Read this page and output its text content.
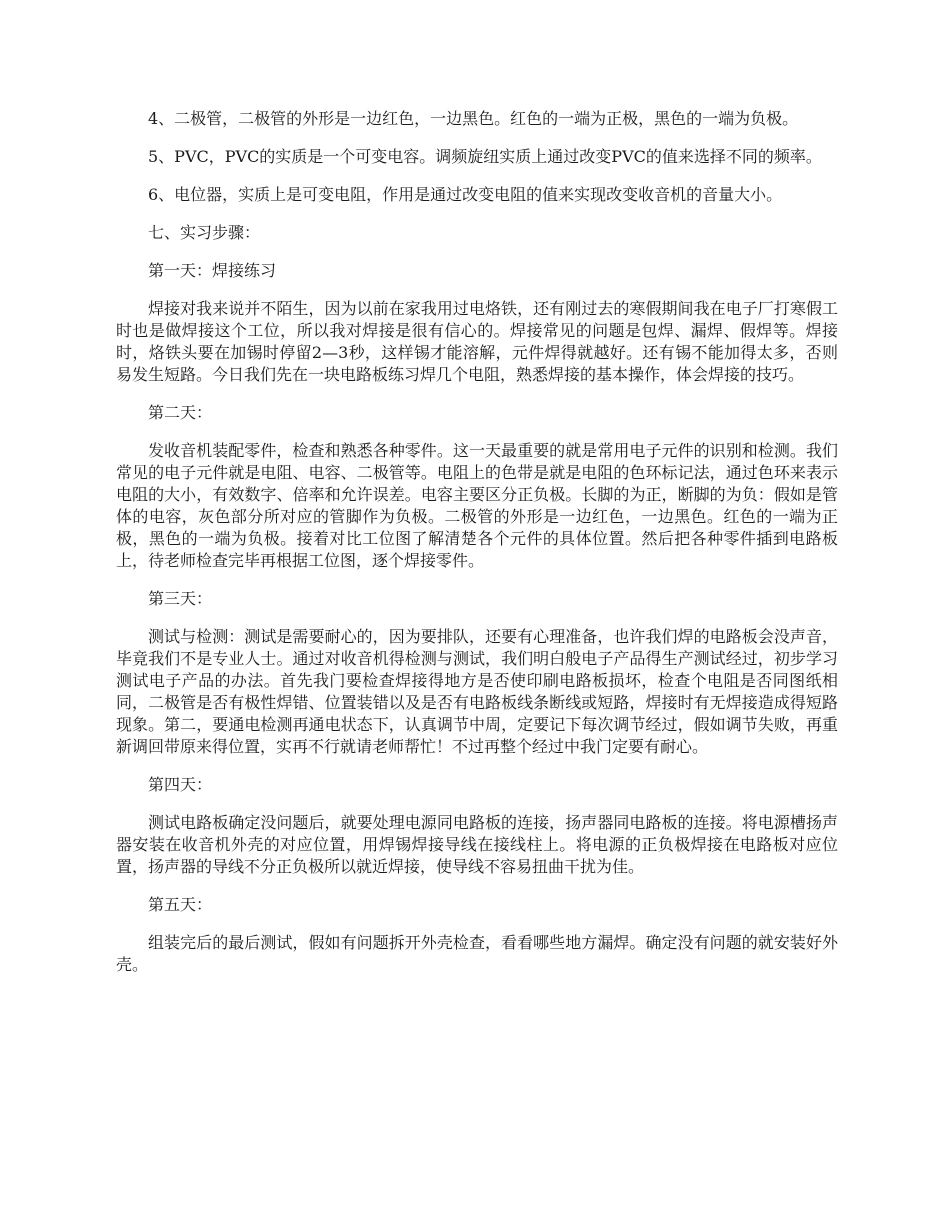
4、二极管，二极管的外形是一边红色，一边黑色。红色的一端为正极，黑色的一端为负极。

5、PVC，PVC的实质是一个可变电容。调频旋纽实质上通过改变PVC的值来选择不同的频率。

6、电位器，实质上是可变电阻，作用是通过改变电阻的值来实现改变收音机的音量大小。

七、实习步骤：

第一天：焊接练习

焊接对我来说并不陌生，因为以前在家我用过电烙铁，还有刚过去的寒假期间我在电子厂打寒假工时也是做焊接这个工位，所以我对焊接是很有信心的。焊接常见的问题是包焊、漏焊、假焊等。焊接时，烙铁头要在加锡时停留2—3秒，这样锡才能溶解，元件焊得就越好。还有锡不能加得太多，否则易发生短路。今日我们先在一块电路板练习焊几个电阻，熟悉焊接的基本操作，体会焊接的技巧。

第二天：

发收音机装配零件，检查和熟悉各种零件。这一天最重要的就是常用电子元件的识别和检测。我们常见的电子元件就是电阻、电容、二极管等。电阻上的色带是就是电阻的色环标记法，通过色环来表示电阻的大小，有效数字、倍率和允许误差。电容主要区分正负极。长脚的为正，断脚的为负：假如是管体的电容，灰色部分所对应的管脚作为负极。二极管的外形是一边红色，一边黑色。红色的一端为正极，黑色的一端为负极。接着对比工位图了解清楚各个元件的具体位置。然后把各种零件插到电路板上，待老师检查完毕再根据工位图，逐个焊接零件。

第三天：

测试与检测：测试是需要耐心的，因为要排队，还要有心理准备，也许我们焊的电路板会没声音，毕竟我们不是专业人士。通过对收音机得检测与测试，我们明白般电子产品得生产测试经过，初步学习测试电子产品的办法。首先我门要检查焊接得地方是否使印刷电路板损坏，检查个电阻是否同图纸相同，二极管是否有极性焊错、位置装错以及是否有电路板线条断线或短路，焊接时有无焊接造成得短路现象。第二，要通电检测再通电状态下，认真调节中周，定要记下每次调节经过，假如调节失败，再重新调回带原来得位置，实再不行就请老师帮忙！不过再整个经过中我门定要有耐心。

第四天：

测试电路板确定没问题后，就要处理电源同电路板的连接，扬声器同电路板的连接。将电源槽扬声器安装在收音机外壳的对应位置，用焊锡焊接导线在接线柱上。将电源的正负极焊接在电路板对应位置，扬声器的导线不分正负极所以就近焊接，使导线不容易扭曲干扰为佳。

第五天：

组装完后的最后测试，假如有问题拆开外壳检查，看看哪些地方漏焊。确定没有问题的就安装好外壳。
